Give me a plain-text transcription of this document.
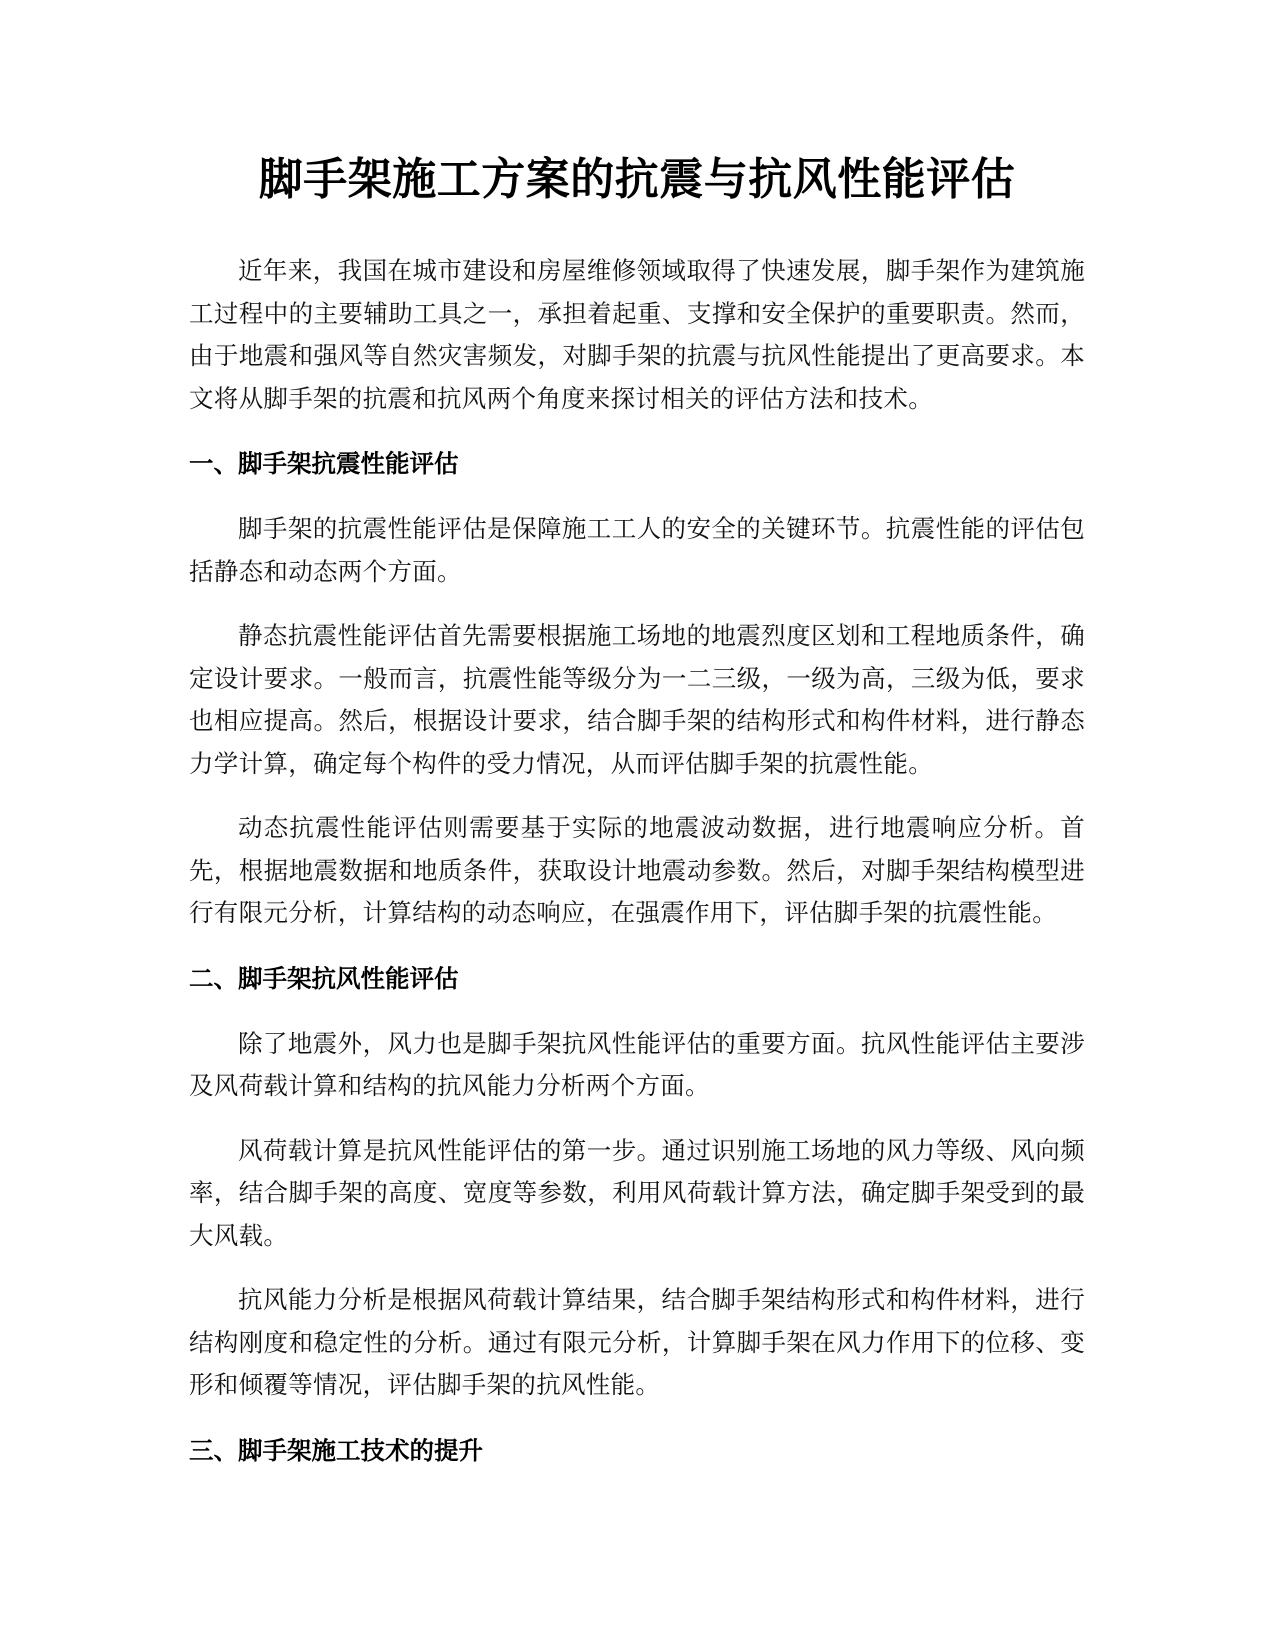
脚手架施工方案的抗震与抗风性能评估

近年来，我国在城市建设和房屋维修领域取得了快速发展，脚手架作为建筑施工过程中的主要辅助工具之一，承担着起重、支撑和安全保护的重要职责。然而，由于地震和强风等自然灾害频发，对脚手架的抗震与抗风性能提出了更高要求。本文将从脚手架的抗震和抗风两个角度来探讨相关的评估方法和技术。

一、脚手架抗震性能评估

脚手架的抗震性能评估是保障施工工人的安全的关键环节。抗震性能的评估包括静态和动态两个方面。

静态抗震性能评估首先需要根据施工场地的地震烈度区划和工程地质条件，确定设计要求。一般而言，抗震性能等级分为一二三级，一级为高，三级为低，要求也相应提高。然后，根据设计要求，结合脚手架的结构形式和构件材料，进行静态力学计算，确定每个构件的受力情况，从而评估脚手架的抗震性能。

动态抗震性能评估则需要基于实际的地震波动数据，进行地震响应分析。首先，根据地震数据和地质条件，获取设计地震动参数。然后，对脚手架结构模型进行有限元分析，计算结构的动态响应，在强震作用下，评估脚手架的抗震性能。

二、脚手架抗风性能评估

除了地震外，风力也是脚手架抗风性能评估的重要方面。抗风性能评估主要涉及风荷载计算和结构的抗风能力分析两个方面。

风荷载计算是抗风性能评估的第一步。通过识别施工场地的风力等级、风向频率，结合脚手架的高度、宽度等参数，利用风荷载计算方法，确定脚手架受到的最大风载。

抗风能力分析是根据风荷载计算结果，结合脚手架结构形式和构件材料，进行结构刚度和稳定性的分析。通过有限元分析，计算脚手架在风力作用下的位移、变形和倾覆等情况，评估脚手架的抗风性能。

三、脚手架施工技术的提升
